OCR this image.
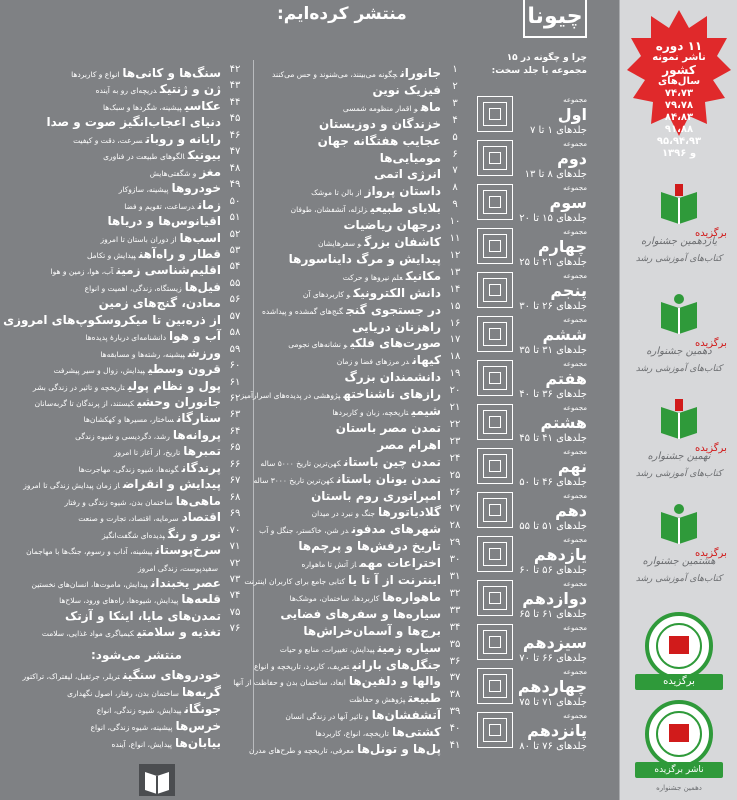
۱۱ دوره
ناشر نمونه
کشور
سال‌های
۷۴،۷۳
۷۹،۷۸
۸۴،۸۳
۹۱،۸۸
۹۵،۹۴،۹۳
و ۱۳۹۶
برگزیده
یازدهمین جشنواره
کتاب‌های آموزشی رشد
برگزیده
دهمین جشنواره
کتاب‌های آموزشی رشد
برگزیده
نهمین جشنواره
کتاب‌های آموزشی رشد
برگزیده
هشتمین جشنواره
کتاب‌های آموزشی رشد
برگزیده
ناشر برگزیده
دهمین جشنواره
چیونا
منتشر کرده‌ایم:
چرا و چگونه در ۱۵ مجموعه با جلد سخت:
مجموعه
اول
جلدهای ۱ تا ۷
مجموعه
دوم
جلدهای ۸ تا ۱۳
مجموعه
سوم
جلدهای ۱۵ تا ۲۰
مجموعه
چهارم
جلدهای ۲۱ تا ۲۵
مجموعه
پنجم
جلدهای ۲۶ تا ۳۰
مجموعه
ششم
جلدهای ۳۱ تا ۳۵
مجموعه
هفتم
جلدهای ۳۶ تا ۴۰
مجموعه
هشتم
جلدهای ۴۱ تا ۴۵
مجموعه
نهم
جلدهای ۴۶ تا ۵۰
مجموعه
دهم
جلدهای ۵۱ تا ۵۵
مجموعه
یازدهم
جلدهای ۵۶ تا ۶۰
مجموعه
دوازدهم
جلدهای ۶۱ تا ۶۵
مجموعه
سیزدهم
جلدهای ۶۶ تا ۷۰
مجموعه
چهاردهم
جلدهای ۷۱ تا ۷۵
مجموعه
پانزدهم
جلدهای ۷۶ تا ۸۰
۱
جانورانچگونه می‌بینند، می‌شنوند و حس می‌کنند
۲
فیزیک نوین
۳
ماهو اقمار منظومه شمسی
۴
خزندگان و دوزیستان
۵
عجایب هفتگانه جهان
۶
مومیایی‌ها
۷
انرژی اتمی
۸
داستان پروازاز بالن تا موشک
۹
بلایای طبیعیزلزله، آتشفشان، طوفان
۱۰
درجهان ریاضیات
۱۱
کاشفان بزرگو سفرهایشان
۱۲
پیدایش و مرگ دایناسورها
۱۳
مکانیکعلم نیروها و حرکت
۱۴
دانش الکترونیکو کاربردهای آن
۱۵
در جستجوی گنجگنج‌های گمشده و پیداشده
۱۶
راهزنان دریایی
۱۷
صورت‌های فلکیو نشانه‌های نجومی
۱۸
کیهاندر مرزهای فضا و زمان
۱۹
دانشمندان بزرگ
۲۰
رازهای ناشناختهپژوهشی در پدیده‌های اسرارآمیز
۲۱
شیمیتاریخچه، زبان و کاربردها
۲۲
تمدن مصر باستان
۲۳
اهرام مصر
۲۴
تمدن چین باستانکهن‌ترین تاریخ ۵۰۰۰ ساله
۲۵
تمدن یونان باستانکهن‌ترین تاریخ ۳۰۰۰ ساله
۲۶
امپراتوری روم باستان
۲۷
گلادیاتورهاجنگ و نبرد در میدان
۲۸
شهرهای مدفوندر شن، خاکستر، جنگل و آب
۲۹
تاریخ درفش‌ها و پرچم‌ها
۳۰
اختراعات مهماز آتش تا ماهواره
۳۱
اینترنت از آ تا یاکتابی جامع برای کاربران اینترنت
۳۲
ماهواره‌هاکاربردها، ساختمان، موشک‌ها
۳۳
سیاره‌ها و سفرهای فضایی
۳۴
برج‌ها و آسمان‌خراش‌ها
۳۵
سیاره زمینپیدایش، تغییرات، منابع و حیات
۳۶
جنگل‌های بارانیتعریف، کاربرد، تاریخچه و انواع
۳۷
والها و دلفین‌هاابعاد، ساختمان بدن و حفاظت از آنها
۳۸
طبیعتپژوهش و حفاظت
۳۹
آتشفشان‌هاو تاثیر آنها در زندگی انسان
۴۰
کشتی‌هاتاریخچه، انواع، کاربردها
۴۱
پل‌ها و تونل‌هامعرفی، تاریخچه و طرح‌های مدرن
۴۲
سنگ‌ها و کانی‌هاانواع و کاربردها
۴۳
ژن و ژنتیکدریچه‌ای رو به آینده
۴۴
عکاسیپیشینه، شگردها و سبک‌ها
۴۵
دنیای اعجاب‌انگیز صوت و صدا
۴۶
رایانه و روباتسرعت، دقت و کیفیت
۴۷
بیونیکالگوهای طبیعت در فناوری
۴۸
مغزو شگفتی‌هایش
۴۹
خودروهاپیشینه، سازوکار
۵۰
زماندرساعت، تقویم و فضا
۵۱
اقیانوس‌ها و دریاها
۵۲
اسب‌هااز دوران باستان تا امروز
۵۳
قطار و راه‌آهنپیدایش و تکامل
۵۴
اقلیم‌شناسی زمینآب، هوا، زمین و هوا
۵۵
فیل‌هازیستگاه، زندگی، اهمیت و انواع
۵۶
معادن، گنج‌های زمین
۵۷
از ذره‌بین تا میکروسکوپ‌های امروزی
۵۸
آب و هوادانشنامه‌ای دربارهٔ پدیده‌ها
۵۹
ورزشپیشینه، رشته‌ها و مسابقه‌ها
۶۰
قرون وسطیپیدایش، زوال و سیر پیشرفت
۶۱
پول و نظام پولیتاریخچه و تاثیر در زندگی بشر
۶۲
جانوران وحشیکیستند، از پرندگان تا گربه‌سانان
۶۳
ستارگانساختار، مسیرها و کهکشان‌ها
۶۴
پروانه‌هارشد، دگردیسی و شیوه زندگی
۶۵
تمبرهاتاریخ، از آغاز تا امروز
۶۶
پرندگانگونه‌ها، شیوه زندگی، مهاجرت‌ها
۶۷
پیدایش و انقراضاز زمان پیدایش زندگی تا امروز
۶۸
ماهی‌هاساختمان بدن، شیوه زندگی و رفتار
۶۹
اقتصادسرمایه، اقتصاد، تجارت و صنعت
۷۰
نور و رنگپدیده‌ای شگفت‌انگیز
۷۱
سرخ‌پوستانپیشینه، آداب و رسوم، جنگ‌ها با مهاجمان
۷۲
سفیدپوست، زندگی امروز
۷۳
عصر یخبندانپیدایش، ماموت‌ها، انسان‌های نخستین
۷۴
قلعه‌هاپیدایش، شیوه‌ها، راه‌های ورود، سلاح‌ها
۷۵
تمدن‌های مایا، اینکا و آزتک
۷۶
تغذیه و سلامتیکیمیاگری مواد غذایی، سلامت
منتشر می‌شود:
خودروهای سنگینتریلر، جرثقیل، لیفتراک، تراکتور
گربه‌هاساختمان بدن، رفتار، اصول نگهداری
جونگانپیدایش، شیوه زندگی، انواع
خرس‌هاپیشینه، شیوه زندگی، انواع
بیابان‌هاپیدایش، انواع، آینده
